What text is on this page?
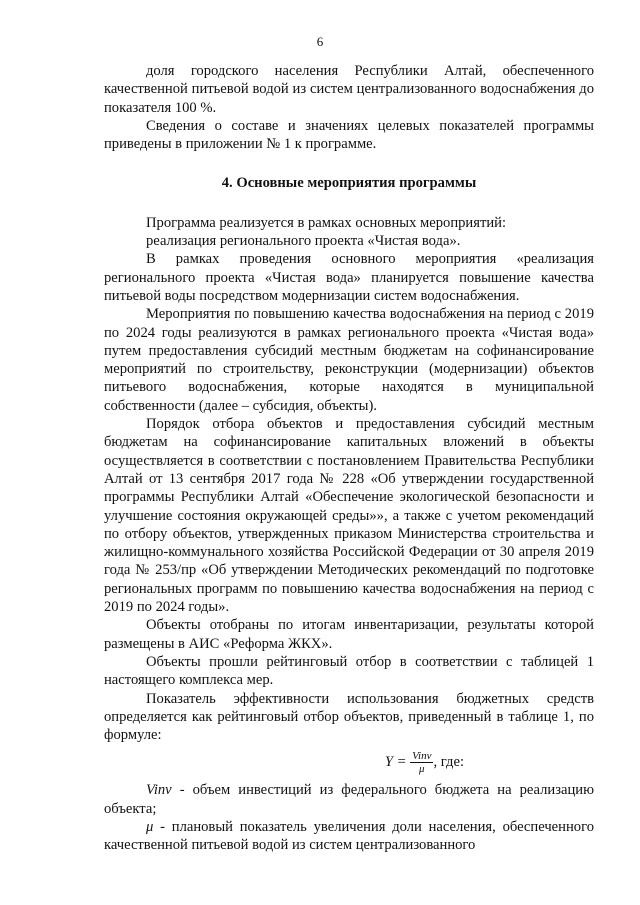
6

доля городского населения Республики Алтай, обеспеченного качественной питьевой водой из систем централизованного водоснабжения до показателя 100 %.

Сведения о составе и значениях целевых показателей программы приведены в приложении № 1 к программе.

4. Основные мероприятия программы

Программа реализуется в рамках основных мероприятий:

реализация регионального проекта «Чистая вода».

В рамках проведения основного мероприятия «реализация регионального проекта «Чистая вода» планируется повышение качества питьевой воды посредством модернизации систем водоснабжения.

Мероприятия по повышению качества водоснабжения на период с 2019 по 2024 годы реализуются в рамках регионального проекта «Чистая вода» путем предоставления субсидий местным бюджетам на софинансирование мероприятий по строительству, реконструкции (модернизации) объектов питьевого водоснабжения, которые находятся в муниципальной собственности (далее – субсидия, объекты).

Порядок отбора объектов и предоставления субсидий местным бюджетам на софинансирование капитальных вложений в объекты осуществляется в соответствии с постановлением Правительства Республики Алтай от 13 сентября 2017 года № 228 «Об утверждении государственной программы Республики Алтай «Обеспечение экологической безопасности и улучшение состояния окружающей среды»», а также с учетом рекомендаций по отбору объектов, утвержденных приказом Министерства строительства и жилищно-коммунального хозяйства Российской Федерации от 30 апреля 2019 года № 253/пр «Об утверждении Методических рекомендаций по подготовке региональных программ по повышению качества водоснабжения на период с 2019 по 2024 годы».

Объекты отобраны по итогам инвентаризации, результаты которой размещены в АИС «Реформа ЖКХ».

Объекты прошли рейтинговый отбор в соответствии с таблицей 1 настоящего комплекса мер.

Показатель эффективности использования бюджетных средств определяется как рейтинговый отбор объектов, приведенный в таблице 1, по формуле:

$Y = \frac{\text{Vinv}}{\mu}$ , где:

Vinv - объем инвестиций из федерального бюджета на реализацию объекта;

μ - плановый показатель увеличения доли населения, обеспеченного качественной питьевой водой из систем централизованного
